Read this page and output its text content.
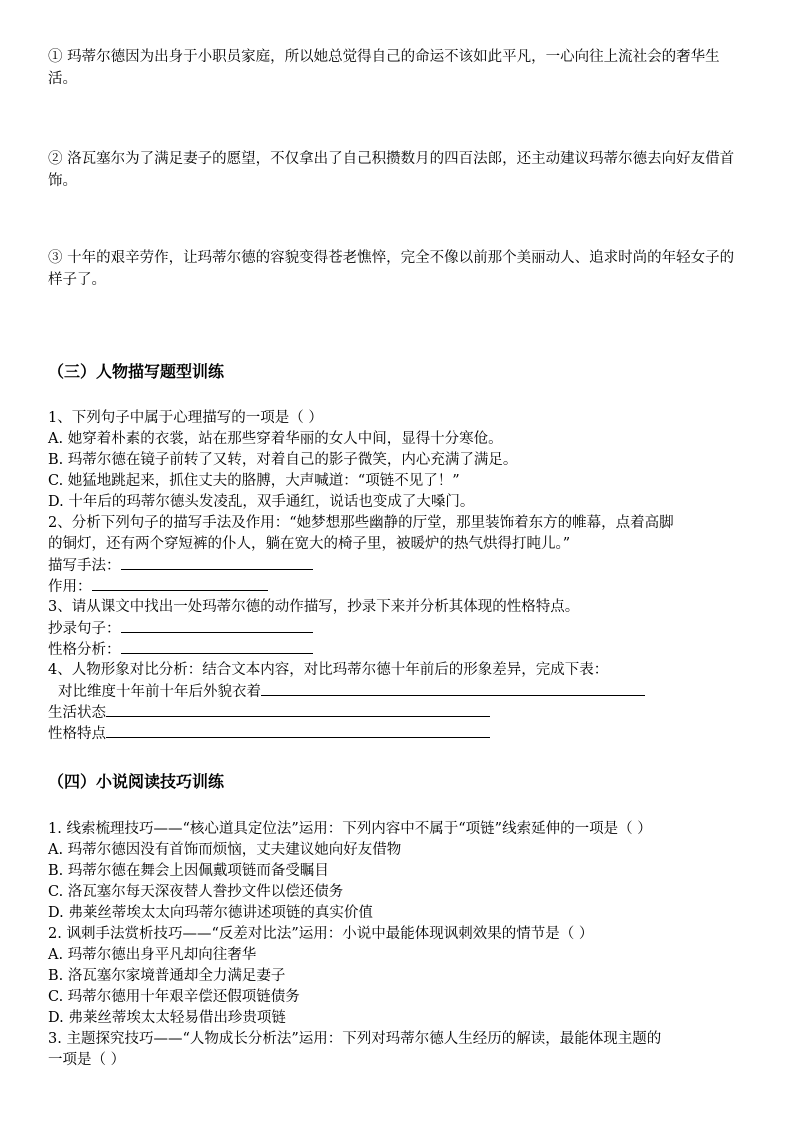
① 玛蒂尔德因为出身于小职员家庭，所以她总觉得自己的命运不该如此平凡，一心向往上流社会的奢华生活。
② 洛瓦塞尔为了满足妻子的愿望，不仅拿出了自己积攒数月的四百法郎，还主动建议玛蒂尔德去向好友借首饰。
③ 十年的艰辛劳作，让玛蒂尔德的容貌变得苍老憔悴，完全不像以前那个美丽动人、追求时尚的年轻女子的样子了。
（三）人物描写题型训练
1、下列句子中属于心理描写的一项是（ ）
A. 她穿着朴素的衣裳，站在那些穿着华丽的女人中间，显得十分寒伧。
B. 玛蒂尔德在镜子前转了又转，对着自己的影子微笑，内心充满了满足。
C. 她猛地跳起来，抓住丈夫的胳膊，大声喊道：“项链不见了！”
D. 十年后的玛蒂尔德头发凌乱，双手通红，说话也变成了大嗓门。
2、分析下列句子的描写手法及作用：“她梦想那些幽静的厅堂，那里装饰着东方的帷幕，点着高脚
的铜灯，还有两个穿短裤的仆人，躺在宽大的椅子里，被暖炉的热气烘得打盹儿。”
描写手法：
作用：
3、请从课文中找出一处玛蒂尔德的动作描写，抄录下来并分析其体现的性格特点。
抄录句子：
性格分析：
4、人物形象对比分析：结合文本内容，对比玛蒂尔德十年前后的形象差异，完成下表：
对比维度十年前十年后外貌衣着
生活状态
性格特点
（四）小说阅读技巧训练
1. 线索梳理技巧——“核心道具定位法”运用：下列内容中不属于“项链”线索延伸的一项是（ ）
A. 玛蒂尔德因没有首饰而烦恼，丈夫建议她向好友借物
B. 玛蒂尔德在舞会上因佩戴项链而备受瞩目
C. 洛瓦塞尔每天深夜替人誊抄文件以偿还债务
D. 弗莱丝蒂埃太太向玛蒂尔德讲述项链的真实价值
2. 讽刺手法赏析技巧——“反差对比法”运用：小说中最能体现讽刺效果的情节是（ ）
A. 玛蒂尔德出身平凡却向往奢华
B. 洛瓦塞尔家境普通却全力满足妻子
C. 玛蒂尔德用十年艰辛偿还假项链债务
D. 弗莱丝蒂埃太太轻易借出珍贵项链
3. 主题探究技巧——“人物成长分析法”运用：下列对玛蒂尔德人生经历的解读，最能体现主题的
一项是（ ）
